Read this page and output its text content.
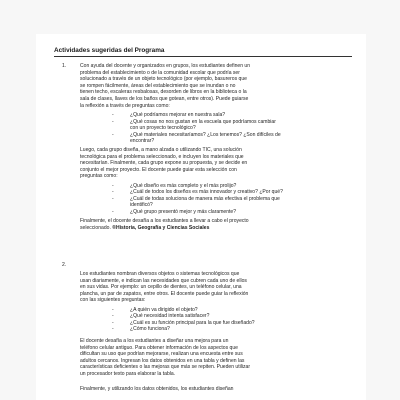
Actividades sugeridas del Programa
1.	Con ayuda del docente y organizados en grupos, los estudiantes definen un
problema del establecimiento o de la comunidad escolar que podría ser
solucionado a través de un objeto tecnológico (por ejemplo, basureros que
se rompen fácilmente, áreas del establecimiento que se inundan o no
tienen techo, escaleras resbalosas, desorden de libros en la biblioteca o la
sala de clases, llaves de los baños que gotean, entre otros). Puede guiarse
la reflexión a través de preguntas como:
-	¿Qué podríamos mejorar en nuestra sala?
-	¿Qué cosas no nos gustan en la escuela que podríamos cambiar
con un proyecto tecnológico?
-	¿Qué materiales necesitaríamos? ¿Los tenemos? ¿Son difíciles de
encontrar?
Luego, cada grupo diseña, a mano alzada o utilizando TIC, una solución
tecnológica para el problema seleccionado, e incluyen los materiales que
necesitarían. Finalmente, cada grupo expone su propuesta, y se decide en
conjunto el mejor proyecto. El docente puede guiar esta selección con
preguntas como:
-	¿Qué diseño es más completo y el más prolijo?
-	¿Cuál de todos los diseños es más innovador y creativo? ¿Por qué?
-	¿Cuál de todas soluciona de manera más efectiva el problema que
identificó?
-	¿Qué grupo presentó mejor y más claramente?
Finalmente, el docente desafía a los estudiantes a llevar a cabo el proyecto
seleccionado. ®Historia, Geografía y Ciencias Sociales
2.
Los estudiantes nombran diversos objetos o sistemas tecnológicos que
usan diariamente, e indican las necesidades que cubren cada uno de ellos
en sus vidas. Por ejemplo: un cepillo de dientes, un teléfono celular, una
plancha, un par de zapatos, entre otros. El docente puede guiar la reflexión
con las siguientes preguntas:
-	¿A quién va dirigido el objeto?
-	¿Qué necesidad intenta satisfacer?
-	¿Cuál es su función principal para la que fue diseñado?
-	¿Cómo funciona?
El docente desafía a los estudiantes a diseñar una mejora para un
teléfono celular antiguo. Para obtener información de los aspectos que
dificultan su uso que podrían mejorarse, realizan una encuesta entre sus
adultos cercanos. Ingresan los datos obtenidos en una tabla y definen las
características deficientes o las mejoras que más se repiten. Pueden utilizar
un procesador texto para elaborar la tabla.
Finalmente, y utilizando los datos obtenidos, los estudiantes diseñan
